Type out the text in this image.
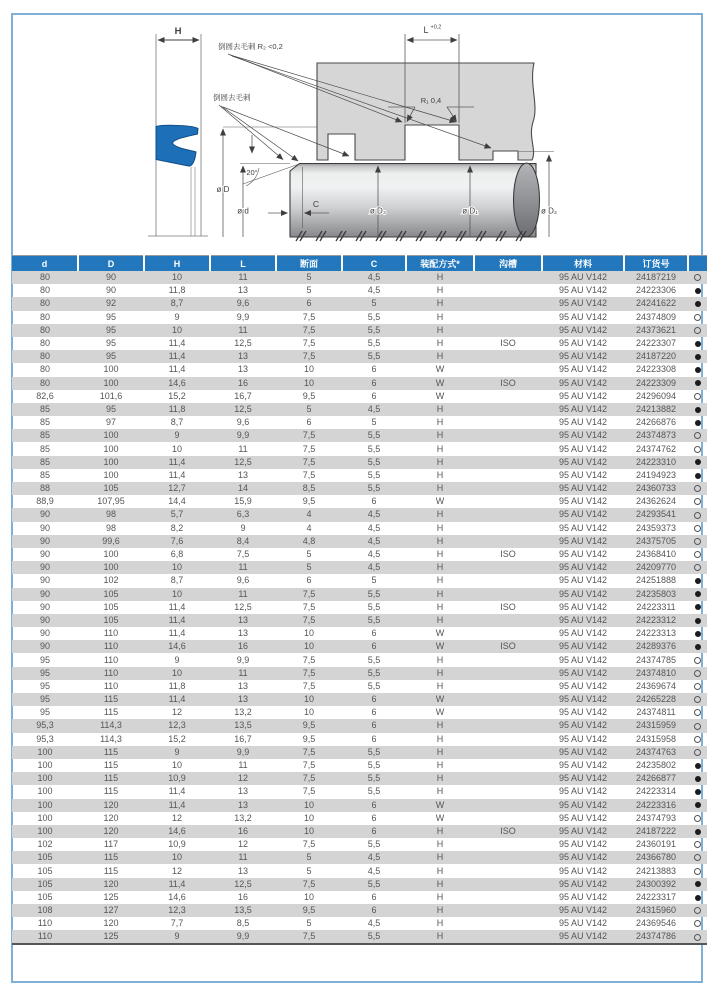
H
倒圆去毛刺 R₂ <0,2
倒圆去毛刺
L +0,2
R₁ 0,4
20°
ø D
ø d
C
ø D₃	ø D₁	ø D₂
d	D	H	L	断面	C	装配方式*	沟槽	材料	订货号	
80	90	10	11	5	4,5	H		95 AU V142	24187219	
80	90	11,8	13	5	4,5	H		95 AU V142	24223306	
80	92	8,7	9,6	6	5	H		95 AU V142	24241622	
80	95	9	9,9	7,5	5,5	H		95 AU V142	24374809	
80	95	10	11	7,5	5,5	H		95 AU V142	24373621	
80	95	11,4	12,5	7,5	5,5	H	ISO	95 AU V142	24223307	
80	95	11,4	13	7,5	5,5	H		95 AU V142	24187220	
80	100	11,4	13	10	6	W		95 AU V142	24223308	
80	100	14,6	16	10	6	W	ISO	95 AU V142	24223309	
82,6	101,6	15,2	16,7	9,5	6	W		95 AU V142	24296094	
85	95	11,8	12,5	5	4,5	H		95 AU V142	24213882	
85	97	8,7	9,6	6	5	H		95 AU V142	24266876	
85	100	9	9,9	7,5	5,5	H		95 AU V142	24374873	
85	100	10	11	7,5	5,5	H		95 AU V142	24374762	
85	100	11,4	12,5	7,5	5,5	H		95 AU V142	24223310	
85	100	11,4	13	7,5	5,5	H		95 AU V142	24194923	
88	105	12,7	14	8,5	5,5	H		95 AU V142	24360733	
88,9	107,95	14,4	15,9	9,5	6	W		95 AU V142	24362624	
90	98	5,7	6,3	4	4,5	H		95 AU V142	24293541	
90	98	8,2	9	4	4,5	H		95 AU V142	24359373	
90	99,6	7,6	8,4	4,8	4,5	H		95 AU V142	24375705	
90	100	6,8	7,5	5	4,5	H	ISO	95 AU V142	24368410	
90	100	10	11	5	4,5	H		95 AU V142	24209770	
90	102	8,7	9,6	6	5	H		95 AU V142	24251888	
90	105	10	11	7,5	5,5	H		95 AU V142	24235803	
90	105	11,4	12,5	7,5	5,5	H	ISO	95 AU V142	24223311	
90	105	11,4	13	7,5	5,5	H		95 AU V142	24223312	
90	110	11,4	13	10	6	W		95 AU V142	24223313	
90	110	14,6	16	10	6	W	ISO	95 AU V142	24289376	
95	110	9	9,9	7,5	5,5	H		95 AU V142	24374785	
95	110	10	11	7,5	5,5	H		95 AU V142	24374810	
95	110	11,8	13	7,5	5,5	H		95 AU V142	24369674	
95	115	11,4	13	10	6	W		95 AU V142	24265228	
95	115	12	13,2	10	6	W		95 AU V142	24374811	
95,3	114,3	12,3	13,5	9,5	6	H		95 AU V142	24315959	
95,3	114,3	15,2	16,7	9,5	6	H		95 AU V142	24315958	
100	115	9	9,9	7,5	5,5	H		95 AU V142	24374763	
100	115	10	11	7,5	5,5	H		95 AU V142	24235802	
100	115	10,9	12	7,5	5,5	H		95 AU V142	24266877	
100	115	11,4	13	7,5	5,5	H		95 AU V142	24223314	
100	120	11,4	13	10	6	W		95 AU V142	24223316	
100	120	12	13,2	10	6	W		95 AU V142	24374793	
100	120	14,6	16	10	6	H	ISO	95 AU V142	24187222	
102	117	10,9	12	7,5	5,5	H		95 AU V142	24360191	
105	115	10	11	5	4,5	H		95 AU V142	24366780	
105	115	12	13	5	4,5	H		95 AU V142	24213883	
105	120	11,4	12,5	7,5	5,5	H		95 AU V142	24300392	
105	125	14,6	16	10	6	H		95 AU V142	24223317	
108	127	12,3	13,5	9,5	6	H		95 AU V142	24315960	
110	120	7,7	8,5	5	4,5	H		95 AU V142	24369546	
110	125	9	9,9	7,5	5,5	H		95 AU V142	24374786	
